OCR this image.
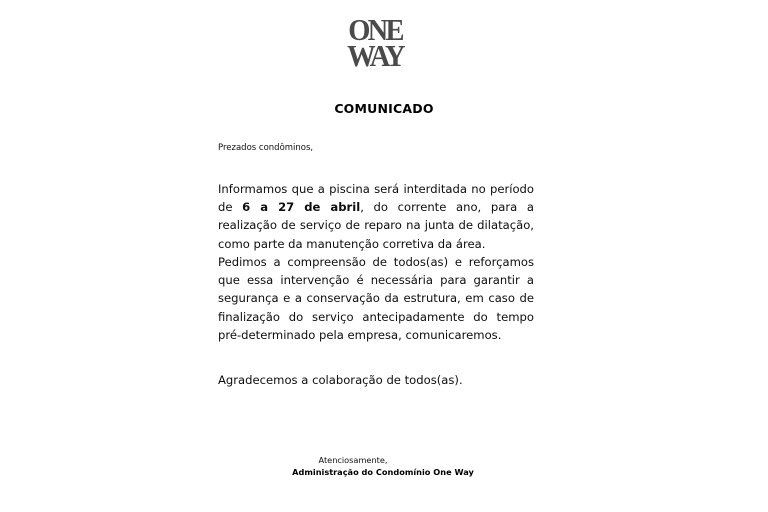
ONE
WAY
COMUNICADO
Prezados condôminos,

Informamos que a piscina será interditada no período de 6 a 27 de abril, do corrente ano, para a realização de serviço de reparo na junta de dilatação, como parte da manutenção corretiva da área.

Pedimos a compreensão de todos(as) e reforçamos que essa intervenção é necessária para garantir a segurança e a conservação da estrutura, em caso de finalização do serviço antecipadamente do tempo pré-determinado pela empresa, comunicaremos.

Agradecemos a colaboração de todos(as).

Atenciosamente,
Administração do Condomínio One Way
